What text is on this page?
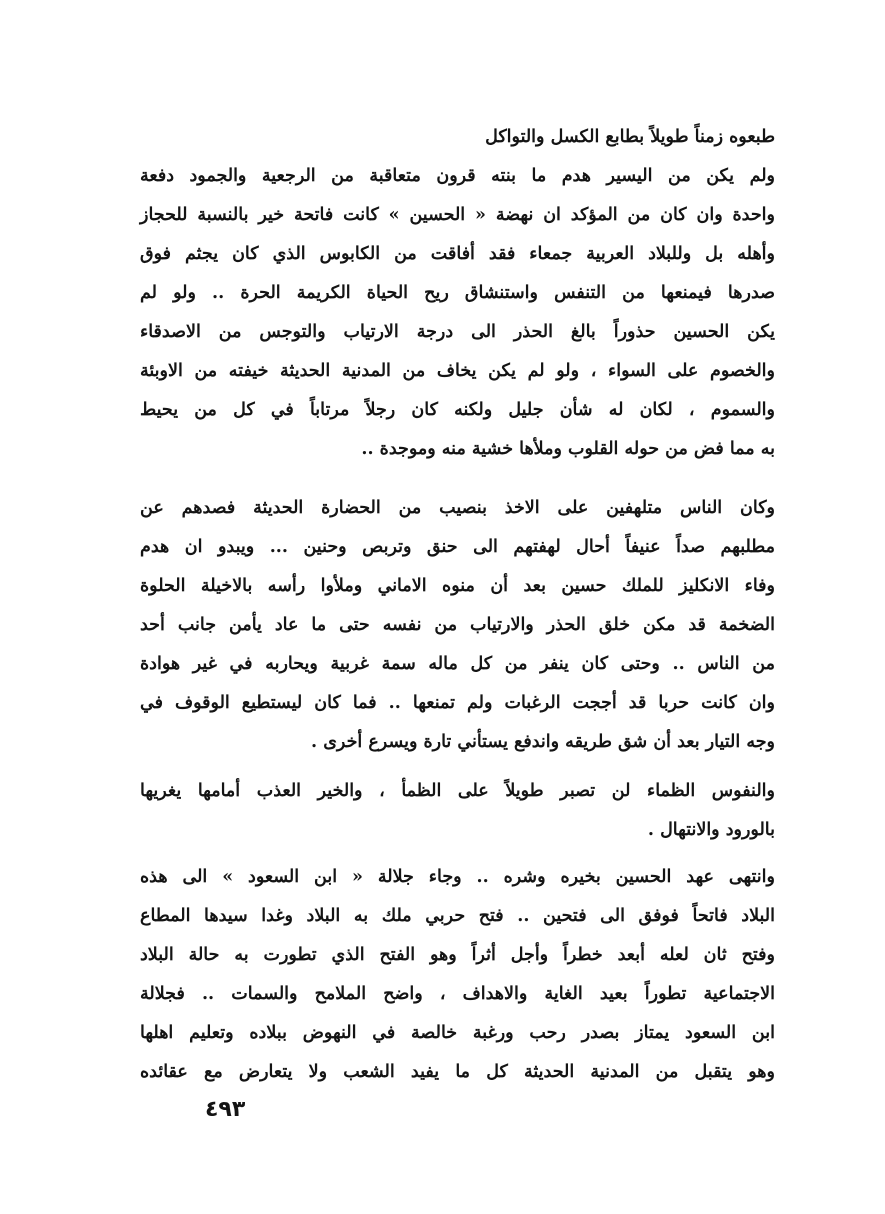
طبعوه زمناً طويلاً بطابع الكسل والتواكل
ولم يكن من اليسير هدم ما بنته قرون متعاقبة من الرجعية والجمود دفعة
واحدة وان كان من المؤكد ان نهضة « الحسين » كانت فاتحة خير بالنسبة للحجاز
وأهله بل وللبلاد العربية جمعاء فقد أفاقت من الكابوس الذي كان يجثم فوق
صدرها فيمنعها من التنفس واستنشاق ريح الحياة الكريمة الحرة .. ولو لم
يكن الحسين حذوراً بالغ الحذر الى درجة الارتياب والتوجس من الاصدقاء
والخصوم على السواء ، ولو لم يكن يخاف من المدنية الحديثة خيفته من الاوبئة
والسموم ، لكان له شأن جليل ولكنه كان رجلاً مرتاباً في كل من يحيط
به مما فض من حوله القلوب وملأها خشية منه وموجدة ..
وكان الناس متلهفين على الاخذ بنصيب من الحضارة الحديثة فصدهم عن
مطلبهم صداً عنيفاً أحال لهفتهم الى حنق وتربص وحنين ... ويبدو ان هدم
وفاء الانكليز للملك حسين بعد أن منوه الاماني وملأوا رأسه بالاخيلة الحلوة
الضخمة قد مكن خلق الحذر والارتياب من نفسه حتى ما عاد يأمن جانب أحد
من الناس .. وحتى كان ينفر من كل ماله سمة غربية ويحاربه في غير هوادة
وان كانت حربا قد أججت الرغبات ولم تمنعها .. فما كان ليستطيع الوقوف في
وجه التيار بعد أن شق طريقه واندفع يستأني تارة ويسرع أخرى .
والنفوس الظماء لن تصبر طويلاً على الظمأ ، والخير العذب أمامها يغريها
بالورود والانتهال .
وانتهى عهد الحسين بخيره وشره .. وجاء جلالة « ابن السعود » الى هذه
البلاد فاتحاً فوفق الى فتحين .. فتح حربي ملك به البلاد وغدا سيدها المطاع
وفتح ثان لعله أبعد خطراً وأجل أثراً وهو الفتح الذي تطورت به حالة البلاد
الاجتماعية تطوراً بعيد الغاية والاهداف ، واضح الملامح والسمات .. فجلالة
ابن السعود يمتاز بصدر رحب ورغبة خالصة في النهوض ببلاده وتعليم اهلها
وهو يتقبل من المدنية الحديثة كل ما يفيد الشعب ولا يتعارض مع عقائده
٤٩٣
